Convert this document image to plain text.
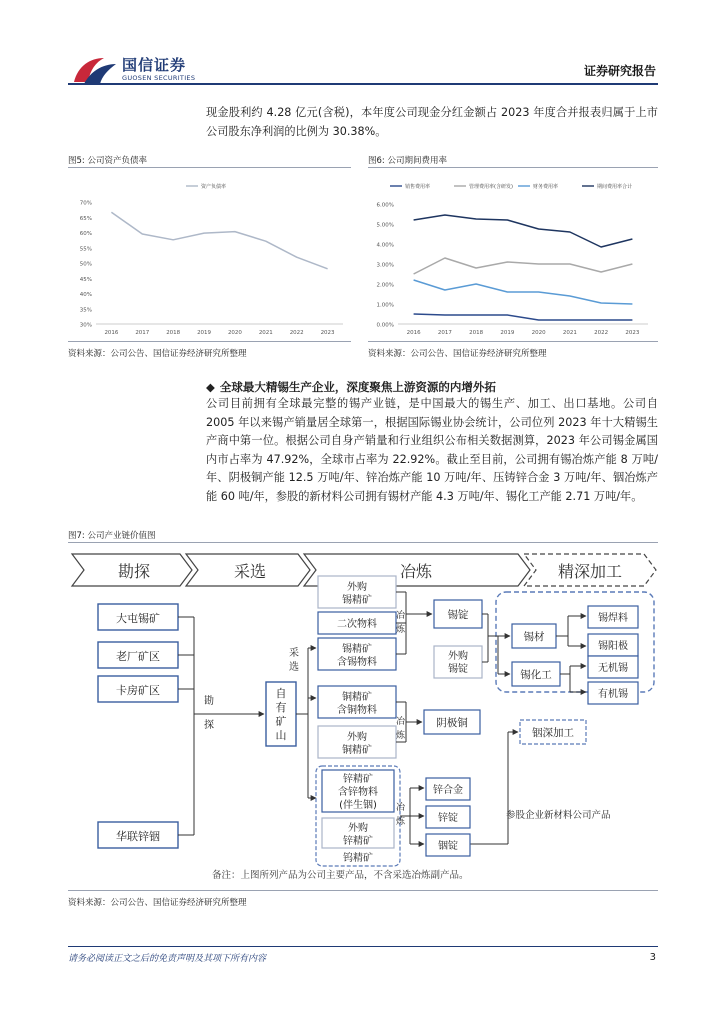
国信证券
GUOSEN SECURITIES	证券研究报告
现金股利约 4.28 亿元(含税)，本年度公司现金分红金额占 2023 年度合并报表归属于上市公司股东净利润的比例为 30.38%。
图5: 公司资产负债率	图6: 公司期间费用率
70%
65%
60%
55%
50%
45%
40%
35%
30%
2016	2017	2018	2019	2020	2021	2022	2023
资产负债率
6.00%
5.00%
4.00%
3.00%
2.00%
1.00%
0.00%
2016	2017	2018	2019	2020	2021	2022	2023
销售费用率	管理费用率(含研发)	财务费用率	期间费用率合计
资料来源：公司公告、国信证券经济研究所整理	资料来源：公司公告、国信证券经济研究所整理
◆ 全球最大精锡生产企业，深度聚焦上游资源的内增外拓
公司目前拥有全球最完整的锡产业链，是中国最大的锡生产、加工、出口基地。公司自 2005 年以来锡产销量居全球第一，根据国际锡业协会统计，公司位列 2023 年十大精锡生产商中第一位。根据公司自身产销量和行业组织公布相关数据测算，2023 年公司锡金属国内市占率为 47.92%，全球市占率为 22.92%。截止至目前，公司拥有锡冶炼产能 8 万吨/年、阴极铜产能 12.5 万吨/年、锌冶炼产能 10 万吨/年、压铸锌合金 3 万吨/年、铟冶炼产能 60 吨/年，参股的新材料公司拥有锡材产能 4.3 万吨/年、锡化工产能 2.71 万吨/年。
图7: 公司产业链价值图
勘探	采选	冶炼	精深加工
大屯锡矿
老厂矿区
卡房矿区
华联锌铟
勘
探
自
有
矿
山
采
选
外购
锡精矿
二次物料
锡精矿
含锡物料
冶
炼
锡锭
外购
锡锭
锡材
锡化工
锡焊料
锡阳极
无机锡
有机锡
铜精矿
含铜物料
外购
铜精矿
冶
炼
阴极铜
铟深加工
参股企业新材料公司产品
锌精矿
含锌物料
(伴生铟)
外购
锌精矿
钨精矿
冶
炼
锌合金
锌锭
铟锭
备注：上图所列产品为公司主要产品，不含采选冶炼副产品。
资料来源：公司公告、国信证券经济研究所整理
请务必阅读正文之后的免责声明及其项下所有内容	3
